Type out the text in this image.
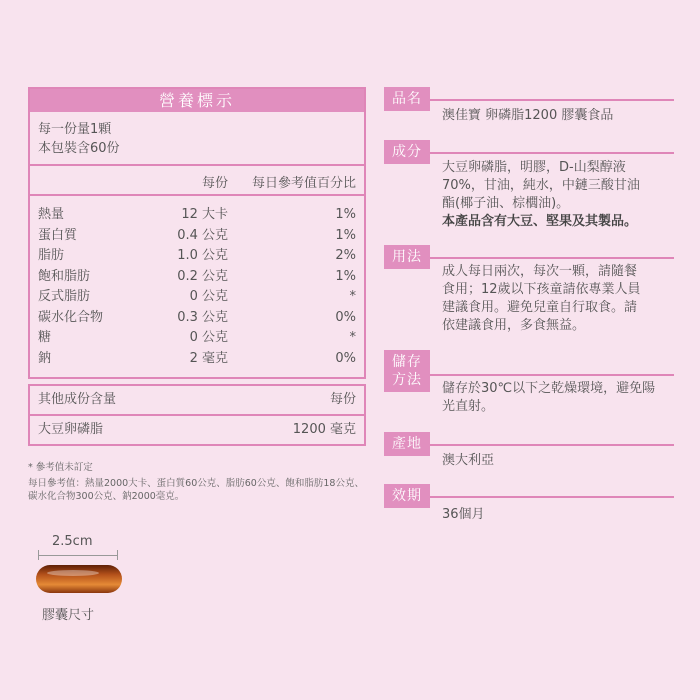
營養標示
每一份量1顆
本包裝含60份
每份 每日參考值百分比
熱量	12 大卡	1%
蛋白質	0.4 公克	1%
脂肪	1.0 公克	2%
飽和脂肪	0.2 公克	1%
反式脂肪	0 公克	*
碳水化合物	0.3 公克	0%
糖	0 公克	*
鈉	2 毫克	0%
其他成份含量	每份
大豆卵磷脂	1200 毫克
* 參考值未訂定
每日參考值：熱量2000大卡、蛋白質60公克、脂肪60公克、飽和脂肪18公克、
碳水化合物300公克、鈉2000毫克。
2.5cm
膠囊尺寸
品名
澳佳寶 卵磷脂1200 膠囊食品
成分
大豆卵磷脂，明膠，D-山梨醇液
70%，甘油，純水，中鏈三酸甘油
酯(椰子油、棕櫚油)。
本產品含有大豆、堅果及其製品。
用法
成人每日兩次，每次一顆，請隨餐
食用；12歲以下孩童請依專業人員
建議食用。避免兒童自行取食。請
依建議食用，多食無益。
儲存
方法
儲存於30℃以下之乾燥環境，避免陽
光直射。
產地
澳大利亞
效期
36個月
